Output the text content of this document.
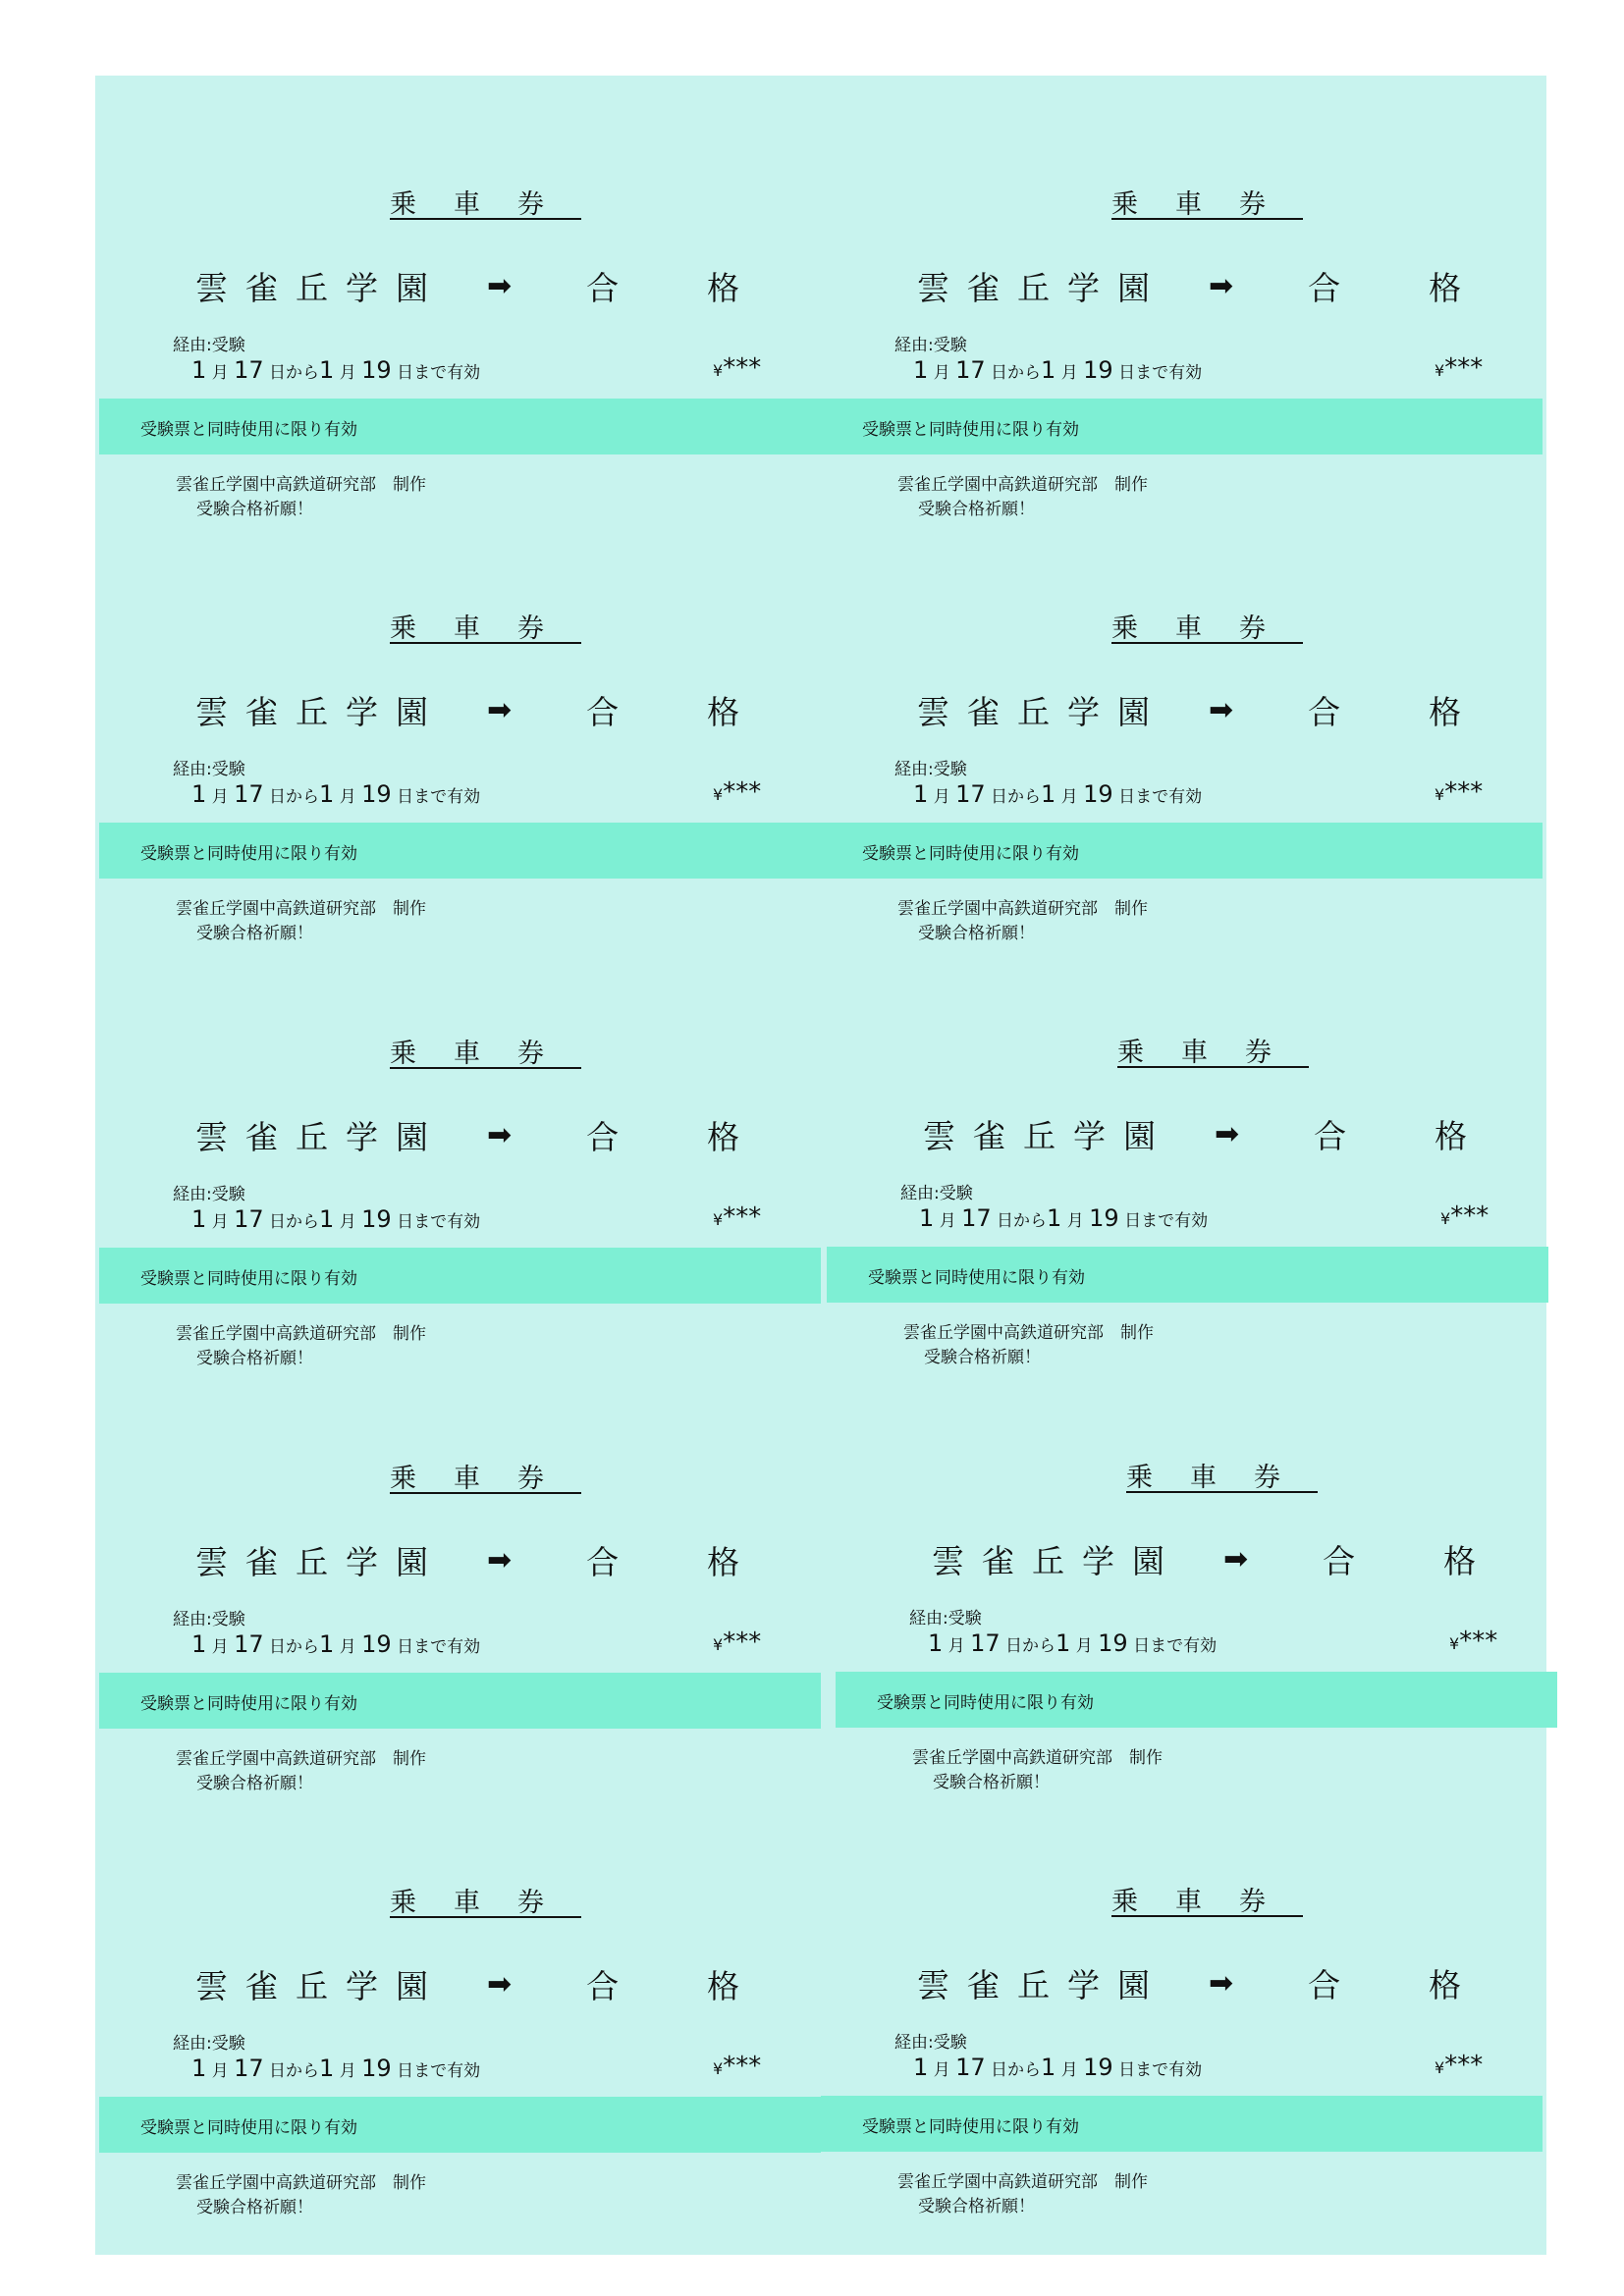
乗車券
雲雀丘学園 ➡ 合	格
経由:受験
1 月 17 日から1 月 19 日まで有効	¥***
受験票と同時使用に限り有効
雲雀丘学園中高鉄道研究部　制作
受験合格祈願！
乗車券
雲雀丘学園 ➡ 合	格
経由:受験
1 月 17 日から1 月 19 日まで有効	¥***
受験票と同時使用に限り有効
雲雀丘学園中高鉄道研究部　制作
受験合格祈願！
乗車券
雲雀丘学園 ➡ 合	格
経由:受験
1 月 17 日から1 月 19 日まで有効	¥***
受験票と同時使用に限り有効
雲雀丘学園中高鉄道研究部　制作
受験合格祈願！
乗車券
雲雀丘学園 ➡ 合	格
経由:受験
1 月 17 日から1 月 19 日まで有効	¥***
受験票と同時使用に限り有効
雲雀丘学園中高鉄道研究部　制作
受験合格祈願！
乗車券
雲雀丘学園 ➡ 合	格
経由:受験
1 月 17 日から1 月 19 日まで有効	¥***
受験票と同時使用に限り有効
雲雀丘学園中高鉄道研究部　制作
受験合格祈願！
乗車券
雲雀丘学園 ➡ 合	格
経由:受験
1 月 17 日から1 月 19 日まで有効	¥***
受験票と同時使用に限り有効
雲雀丘学園中高鉄道研究部　制作
受験合格祈願！
乗車券
雲雀丘学園 ➡ 合	格
経由:受験
1 月 17 日から1 月 19 日まで有効	¥***
受験票と同時使用に限り有効
雲雀丘学園中高鉄道研究部　制作
受験合格祈願！
乗車券
雲雀丘学園 ➡ 合	格
経由:受験
1 月 17 日から1 月 19 日まで有効	¥***
受験票と同時使用に限り有効
雲雀丘学園中高鉄道研究部　制作
受験合格祈願！
乗車券
雲雀丘学園 ➡ 合	格
経由:受験
1 月 17 日から1 月 19 日まで有効	¥***
受験票と同時使用に限り有効
雲雀丘学園中高鉄道研究部　制作
受験合格祈願！
乗車券
雲雀丘学園 ➡ 合	格
経由:受験
1 月 17 日から1 月 19 日まで有効	¥***
受験票と同時使用に限り有効
雲雀丘学園中高鉄道研究部　制作
受験合格祈願！
